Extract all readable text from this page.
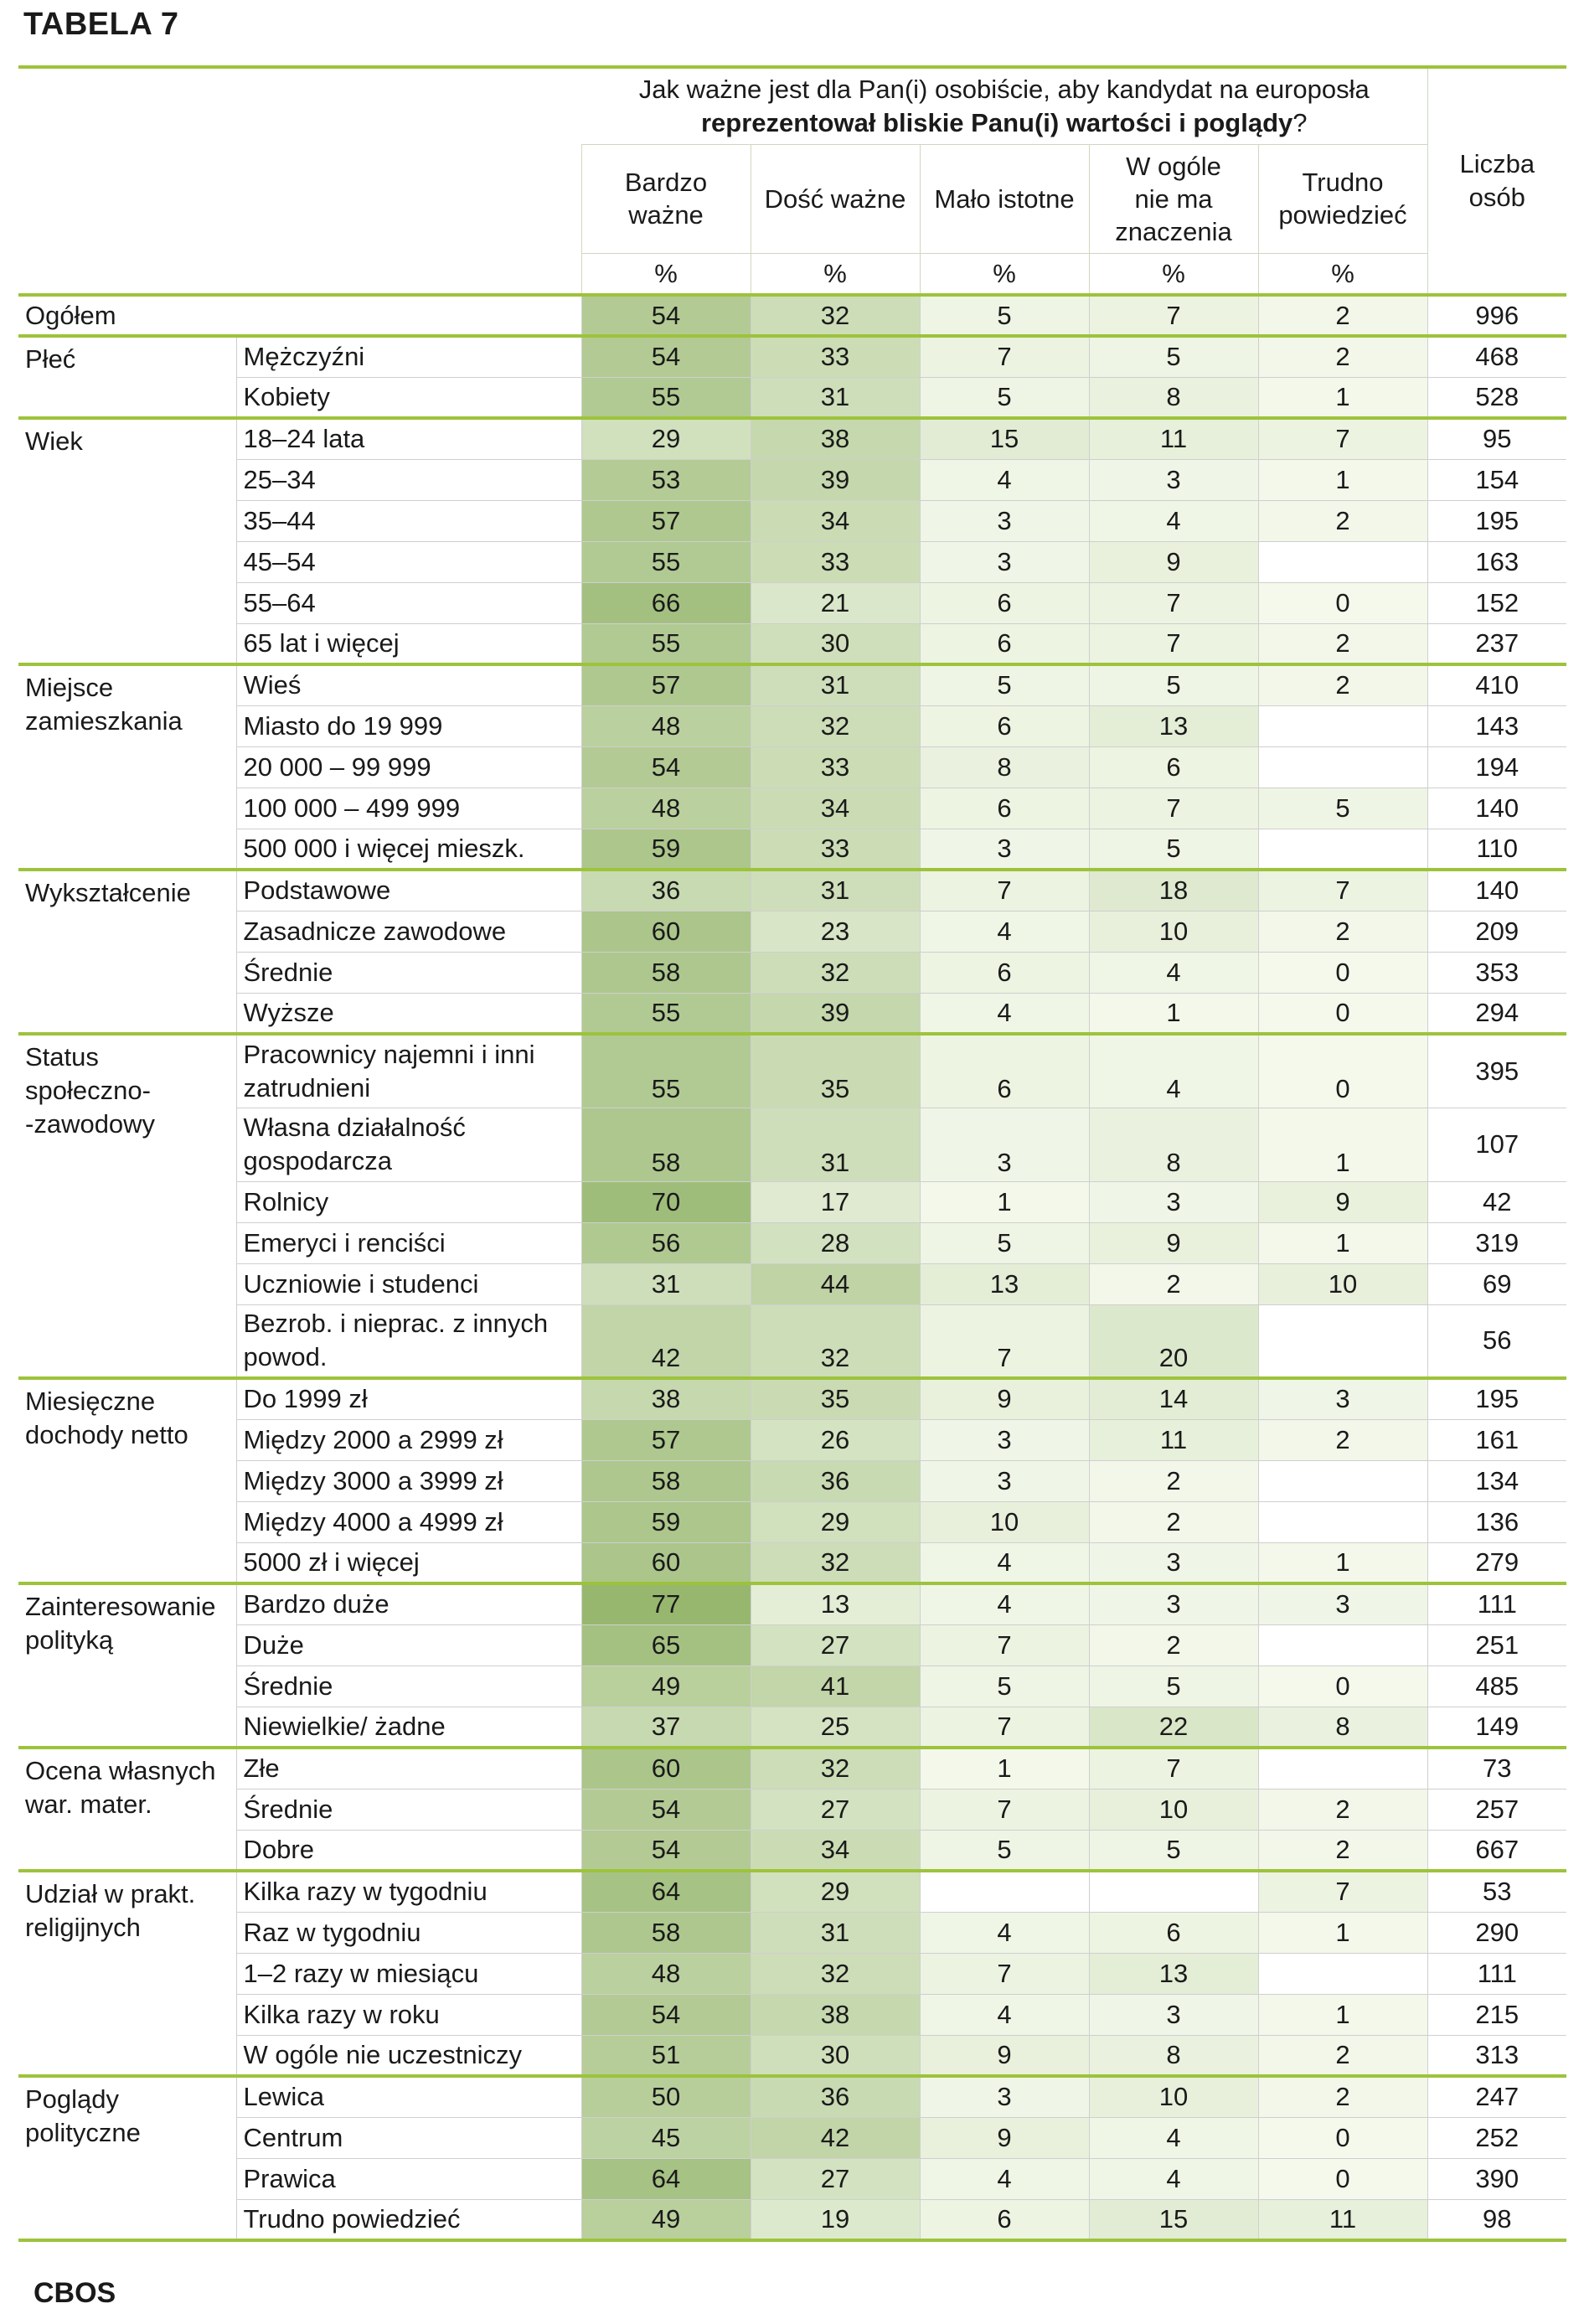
TABELA 7
		Jak ważne jest dla Pan(i) osobiście, aby kandydat na europosła
reprezentował bliskie Panu(i) wartości i poglądy?					Liczba
osób
		Bardzo
ważne	Dość ważne	Mało istotne	W ogóle
nie ma
znaczenia	Trudno
powiedzieć	
		%	%	%	%	%	
Ogółem		54	32	5	7	2	996
Płeć	Mężczyźni	54	33	7	5	2	468
	Kobiety	55	31	5	8	1	528
Wiek	18–24 lata	29	38	15	11	7	95
	25–34	53	39	4	3	1	154
	35–44	57	34	3	4	2	195
	45–54	55	33	3	9		163
	55–64	66	21	6	7	0	152
	65 lat i więcej	55	30	6	7	2	237
Miejsce
zamieszkania	Wieś	57	31	5	5	2	410
	Miasto do 19 999	48	32	6	13		143
	20 000 – 99 999	54	33	8	6		194
	100 000 – 499 999	48	34	6	7	5	140
	500 000 i więcej mieszk.	59	33	3	5		110
Wykształcenie	Podstawowe	36	31	7	18	7	140
	Zasadnicze zawodowe	60	23	4	10	2	209
	Średnie	58	32	6	4	0	353
	Wyższe	55	39	4	1	0	294
Status
społeczno-
-zawodowy	Pracownicy najemni i inni
zatrudnieni	55	35	6	4	0	395
	Własna działalność
gospodarcza	58	31	3	8	1	107
	Rolnicy	70	17	1	3	9	42
	Emeryci i renciści	56	28	5	9	1	319
	Uczniowie i studenci	31	44	13	2	10	69
	Bezrob. i nieprac. z innych
powod.	42	32	7	20		56
Miesięczne
dochody netto	Do 1999 zł	38	35	9	14	3	195
	Między 2000 a 2999 zł	57	26	3	11	2	161
	Między 3000 a 3999 zł	58	36	3	2		134
	Między 4000 a 4999 zł	59	29	10	2		136
	5000 zł i więcej	60	32	4	3	1	279
Zainteresowanie
polityką	Bardzo duże	77	13	4	3	3	111
	Duże	65	27	7	2		251
	Średnie	49	41	5	5	0	485
	Niewielkie/ żadne	37	25	7	22	8	149
Ocena własnych
war. mater.	Złe	60	32	1	7		73
	Średnie	54	27	7	10	2	257
	Dobre	54	34	5	5	2	667
Udział w prakt.
religijnych	Kilka razy w tygodniu	64	29			7	53
	Raz w tygodniu	58	31	4	6	1	290
	1–2 razy w miesiącu	48	32	7	13		111
	Kilka razy w roku	54	38	4	3	1	215
	W ogóle nie uczestniczy	51	30	9	8	2	313
Poglądy
polityczne	Lewica	50	36	3	10	2	247
	Centrum	45	42	9	4	0	252
	Prawica	64	27	4	4	0	390
	Trudno powiedzieć	49	19	6	15	11	98
CBOS
